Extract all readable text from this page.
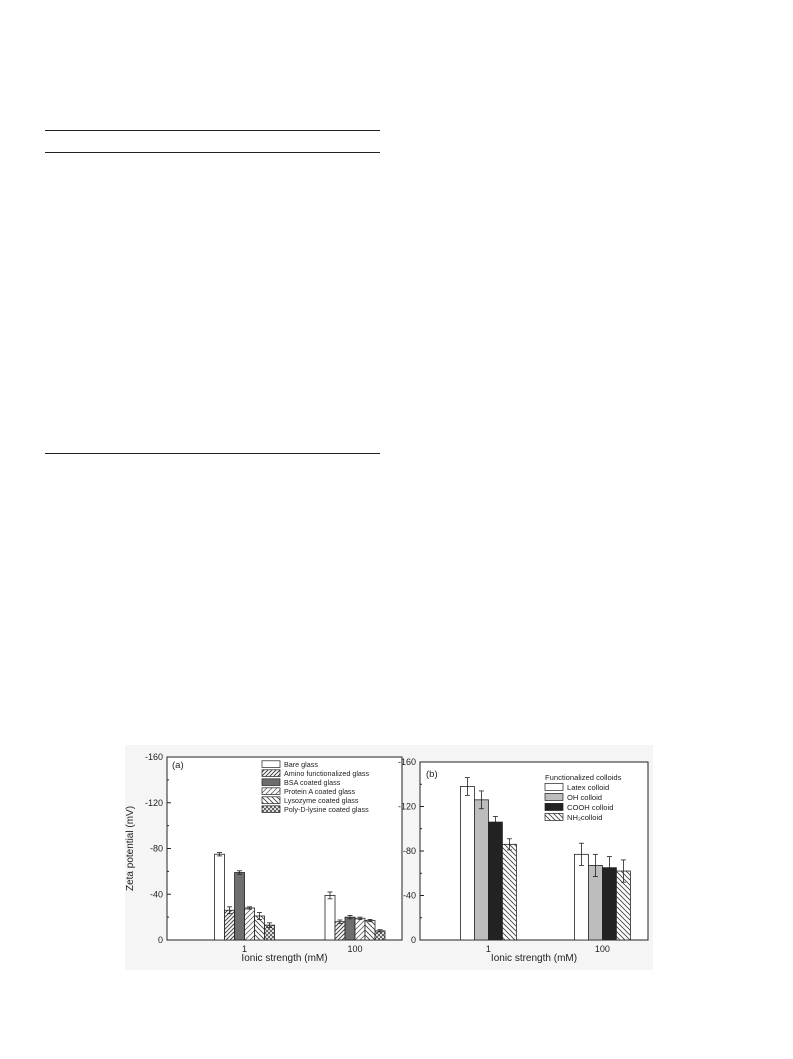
-160
-120
-80
-40
0
(a)
Zeta potential (mV)
Ionic strength (mM)
1	100
Bare glass
Amino functionalized glass
BSA coated glass
Protein A coated glass
Lysozyme coated glass
Poly-D-lysine coated glass
-160
-120
-80
-40
0
(b)
Ionic strength (mM)
1	100
Functionalized colloids
Latex colloid
OH colloid
COOH colloid
NH₂colloid
